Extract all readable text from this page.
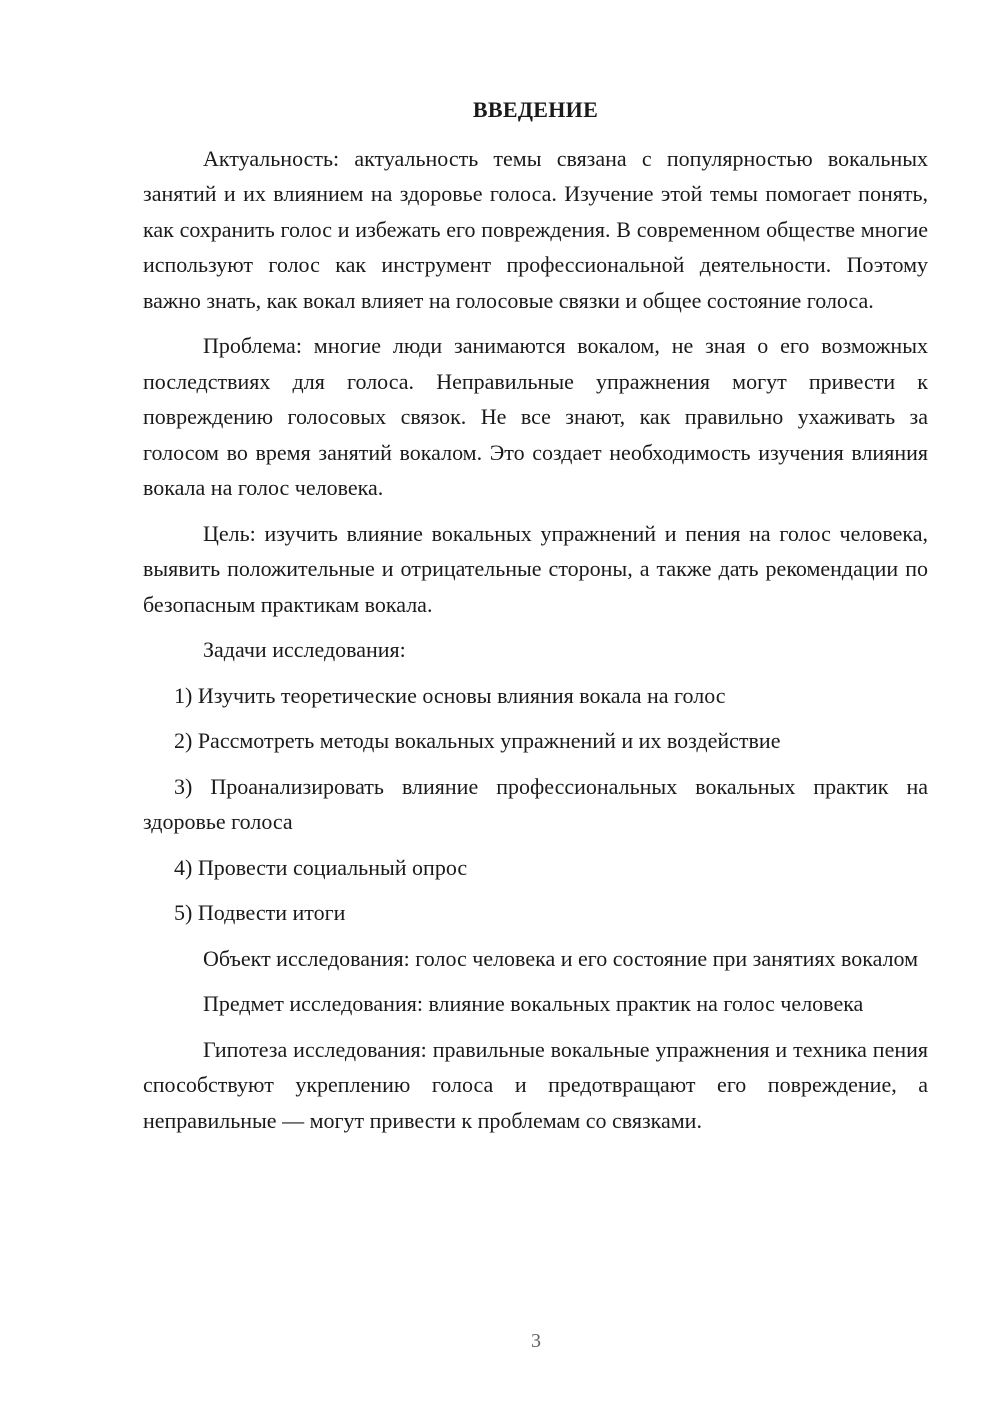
ВВЕДЕНИЕ

Актуальность: актуальность темы связана с популярностью вокальных занятий и их влиянием на здоровье голоса. Изучение этой темы помогает понять, как сохранить голос и избежать его повреждения. В современном обществе многие используют голос как инструмент профессиональной деятельности. Поэтому важно знать, как вокал влияет на голосовые связки и общее состояние голоса.

Проблема: многие люди занимаются вокалом, не зная о его возможных последствиях для голоса. Неправильные упражнения могут привести к повреждению голосовых связок. Не все знают, как правильно ухаживать за голосом во время занятий вокалом. Это создает необходимость изучения влияния вокала на голос человека.

Цель: изучить влияние вокальных упражнений и пения на голос человека, выявить положительные и отрицательные стороны, а также дать рекомендации по безопасным практикам вокала.

Задачи исследования:

1) Изучить теоретические основы влияния вокала на голос

2) Рассмотреть методы вокальных упражнений и их воздействие

3) Проанализировать влияние профессиональных вокальных практик на здоровье голоса

4) Провести социальный опрос

5) Подвести итоги

Объект исследования: голос человека и его состояние при занятиях вокалом

Предмет исследования: влияние вокальных практик на голос человека

Гипотеза исследования: правильные вокальные упражнения и техника пения способствуют укреплению голоса и предотвращают его повреждение, а неправильные — могут привести к проблемам со связками.

3
